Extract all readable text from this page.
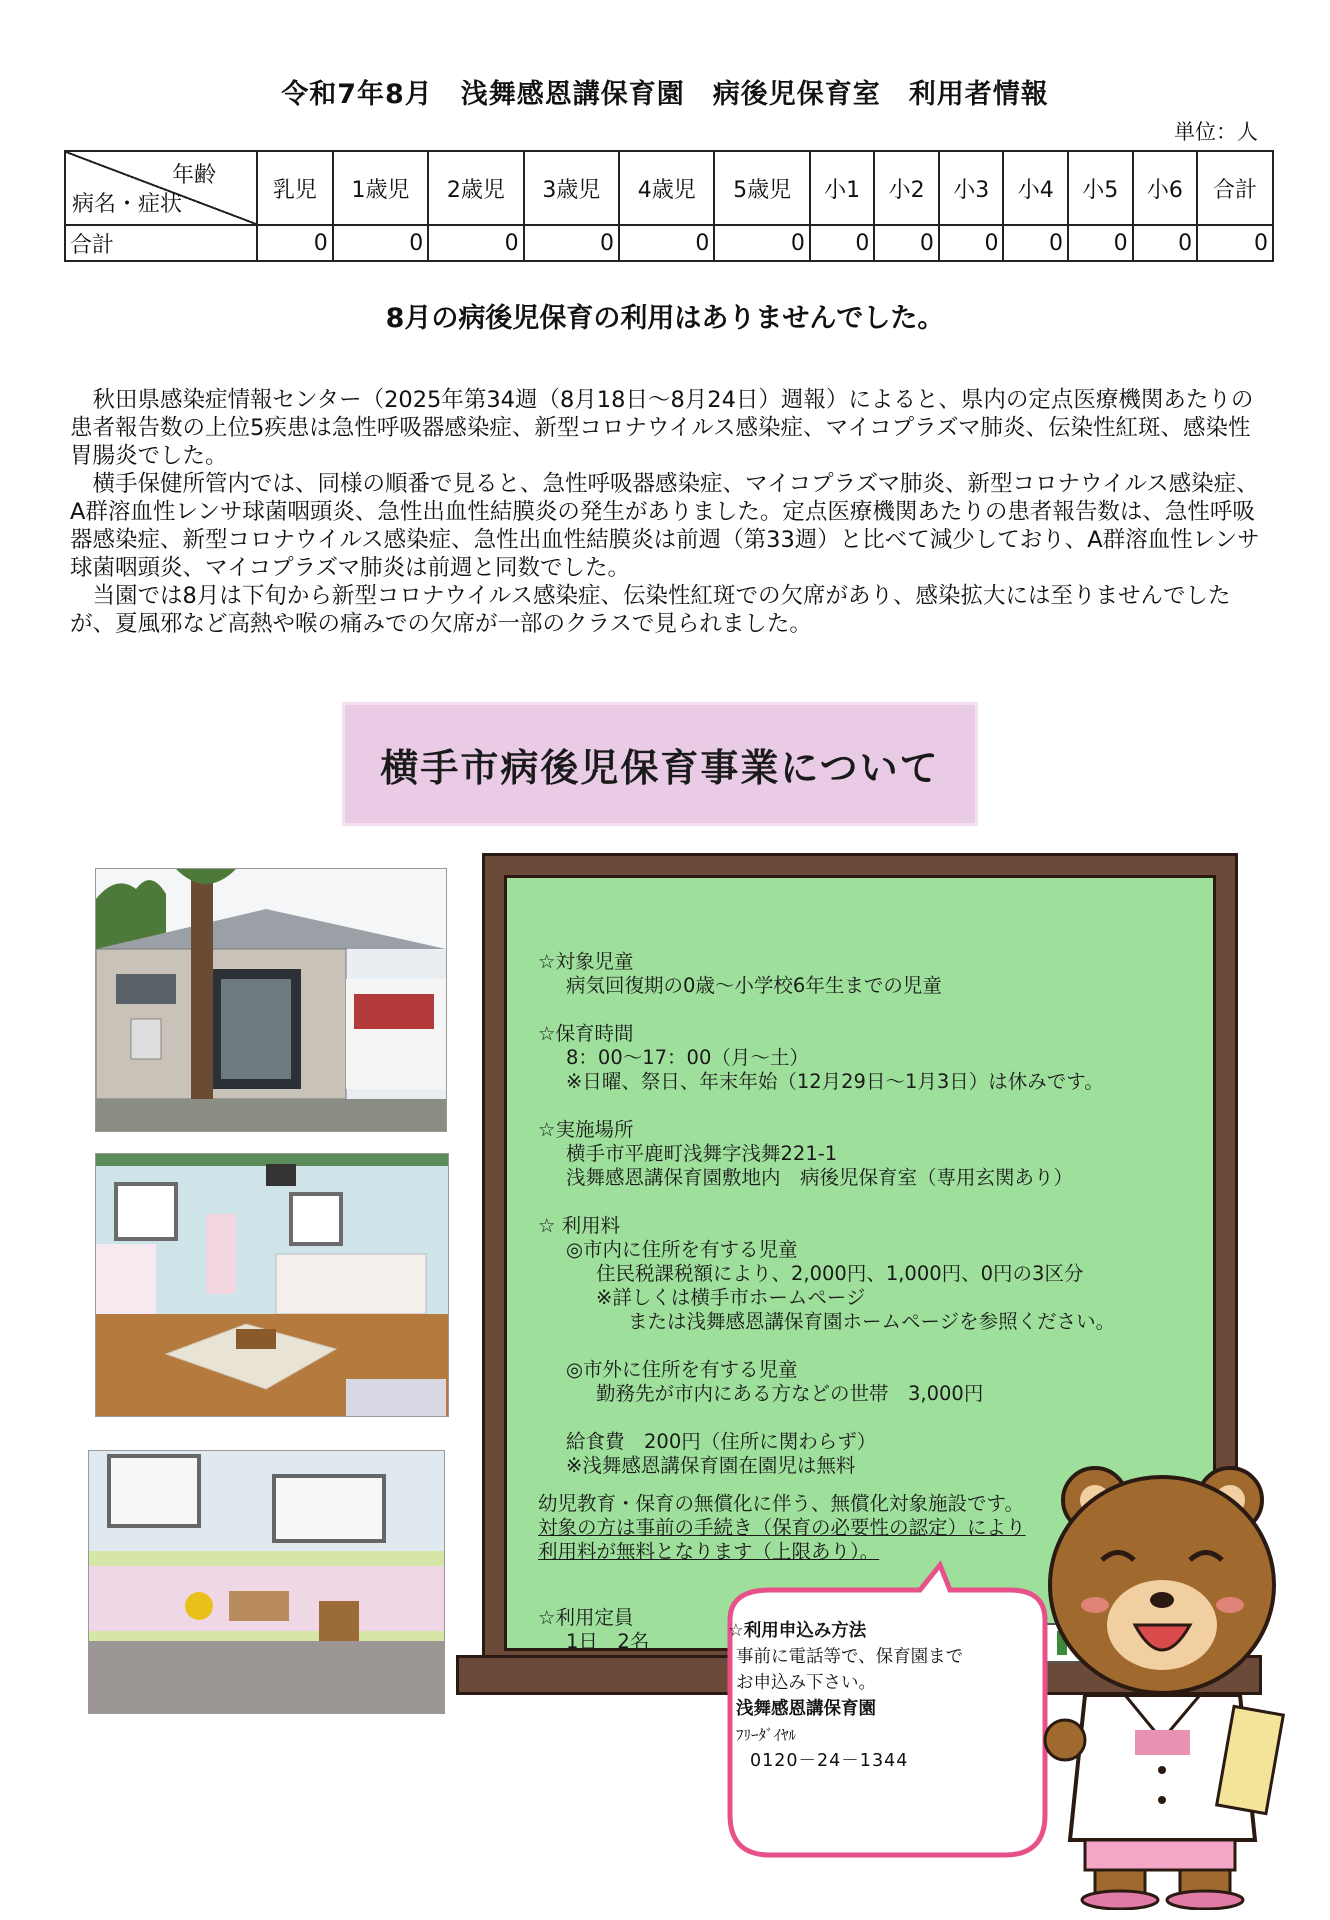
令和7年8月　浅舞感恩講保育園　病後児保育室　利用者情報
単位：人
年齢
病名・症状	乳児	1歳児	2歳児	3歳児	4歳児	5歳児	小1	小2	小3	小4	小5	小6	合計
合計	0	0	0	0	0	0	0	0	0	0	0	0	0
8月の病後児保育の利用はありませんでした。

秋田県感染症情報センター（2025年第34週（8月18日～8月24日）週報）によると、県内の定点医療機関あたりの患者報告数の上位5疾患は急性呼吸器感染症、新型コロナウイルス感染症、マイコプラズマ肺炎、伝染性紅斑、感染性胃腸炎でした。

横手保健所管内では、同様の順番で見ると、急性呼吸器感染症、マイコプラズマ肺炎、新型コロナウイルス感染症、A群溶血性レンサ球菌咽頭炎、急性出血性結膜炎の発生がありました。定点医療機関あたりの患者報告数は、急性呼吸器感染症、新型コロナウイルス感染症、急性出血性結膜炎は前週（第33週）と比べて減少しており、A群溶血性レンサ球菌咽頭炎、マイコプラズマ肺炎は前週と同数でした。

当園では8月は下旬から新型コロナウイルス感染症、伝染性紅斑での欠席があり、感染拡大には至りませんでしたが、夏風邪など高熱や喉の痛みでの欠席が一部のクラスで見られました。

横手市病後児保育事業について
☆対象児童
病気回復期の0歳～小学校6年生までの児童
☆保育時間
8：00～17：00（月～土）
※日曜、祭日、年末年始（12月29日～1月3日）は休みです。
☆実施場所
横手市平鹿町浅舞字浅舞221-1
浅舞感恩講保育園敷地内　病後児保育室（専用玄関あり）
☆ 利用料
◎市内に住所を有する児童
住民税課税額により、2,000円、1,000円、0円の3区分
※詳しくは横手市ホームページ
または浅舞感恩講保育園ホームページを参照ください。
◎市外に住所を有する児童
勤務先が市内にある方などの世帯　3,000円
給食費　200円（住所に関わらず）
※浅舞感恩講保育園在園児は無料
幼児教育・保育の無償化に伴う、無償化対象施設です。
対象の方は事前の手続き（保育の必要性の認定）により
利用料が無料となります（上限あり）。
☆利用定員
1日　2名	☆利用申込み方法
事前に電話等で、保育園まで
お申込み下さい。
浅舞感恩講保育園
ﾌﾘｰﾀﾞｲﾔﾙ
0120－24－1344
